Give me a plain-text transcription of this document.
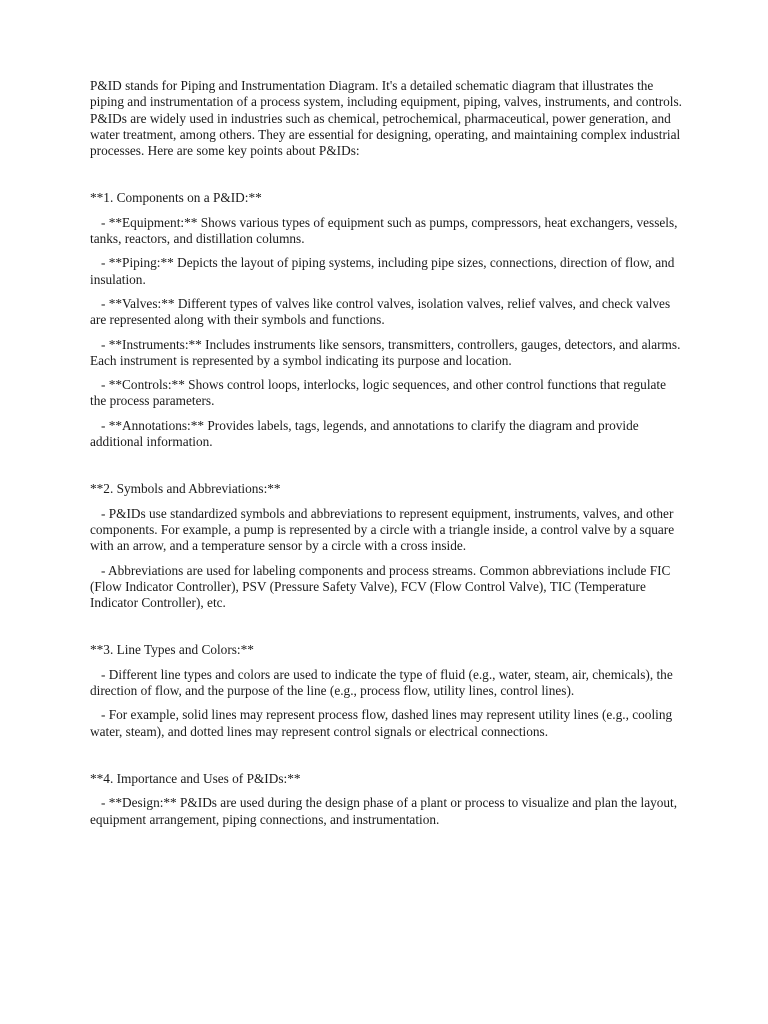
P&ID stands for Piping and Instrumentation Diagram. It's a detailed schematic diagram that illustrates the piping and instrumentation of a process system, including equipment, piping, valves, instruments, and controls. P&IDs are widely used in industries such as chemical, petrochemical, pharmaceutical, power generation, and water treatment, among others. They are essential for designing, operating, and maintaining complex industrial processes. Here are some key points about P&IDs:

**1. Components on a P&ID:**

- **Equipment:** Shows various types of equipment such as pumps, compressors, heat exchangers, vessels, tanks, reactors, and distillation columns.

- **Piping:** Depicts the layout of piping systems, including pipe sizes, connections, direction of flow, and insulation.

- **Valves:** Different types of valves like control valves, isolation valves, relief valves, and check valves are represented along with their symbols and functions.

- **Instruments:** Includes instruments like sensors, transmitters, controllers, gauges, detectors, and alarms. Each instrument is represented by a symbol indicating its purpose and location.

- **Controls:** Shows control loops, interlocks, logic sequences, and other control functions that regulate the process parameters.

- **Annotations:** Provides labels, tags, legends, and annotations to clarify the diagram and provide additional information.

**2. Symbols and Abbreviations:**

- P&IDs use standardized symbols and abbreviations to represent equipment, instruments, valves, and other components. For example, a pump is represented by a circle with a triangle inside, a control valve by a square with an arrow, and a temperature sensor by a circle with a cross inside.

- Abbreviations are used for labeling components and process streams. Common abbreviations include FIC (Flow Indicator Controller), PSV (Pressure Safety Valve), FCV (Flow Control Valve), TIC (Temperature Indicator Controller), etc.

**3. Line Types and Colors:**

- Different line types and colors are used to indicate the type of fluid (e.g., water, steam, air, chemicals), the direction of flow, and the purpose of the line (e.g., process flow, utility lines, control lines).

- For example, solid lines may represent process flow, dashed lines may represent utility lines (e.g., cooling water, steam), and dotted lines may represent control signals or electrical connections.

**4. Importance and Uses of P&IDs:**

- **Design:** P&IDs are used during the design phase of a plant or process to visualize and plan the layout, equipment arrangement, piping connections, and instrumentation.
